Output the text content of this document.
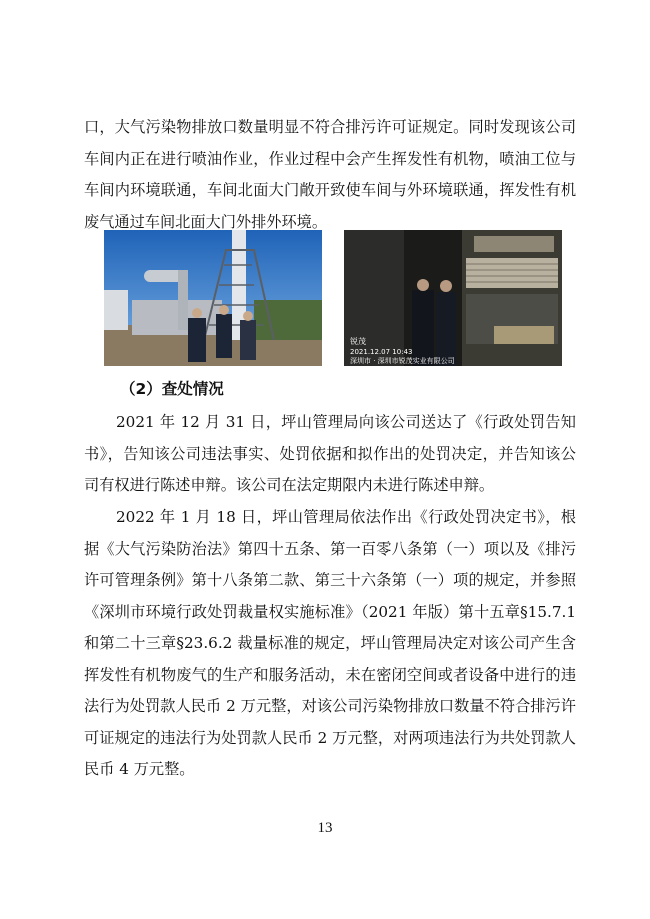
口，大气污染物排放口数量明显不符合排污许可证规定。同时发现该公司车间内正在进行喷油作业，作业过程中会产生挥发性有机物，喷油工位与车间内环境联通，车间北面大门敞开致使车间与外环境联通，挥发性有机废气通过车间北面大门外排外环境。

锐茂
2021.12.07 10:43
深圳市 · 深圳市锐茂实业有限公司
（2）查处情况

2021 年 12 月 31 日，坪山管理局向该公司送达了《行政处罚告知书》，告知该公司违法事实、处罚依据和拟作出的处罚决定，并告知该公司有权进行陈述申辩。该公司在法定期限内未进行陈述申辩。

2022 年 1 月 18 日，坪山管理局依法作出《行政处罚决定书》，根据《大气污染防治法》第四十五条、第一百零八条第（一）项以及《排污许可管理条例》第十八条第二款、第三十六条第（一）项的规定，并参照《深圳市环境行政处罚裁量权实施标准》（2021 年版）第十五章§15.7.1 和第二十三章§23.6.2 裁量标准的规定，坪山管理局决定对该公司产生含挥发性有机物废气的生产和服务活动，未在密闭空间或者设备中进行的违法行为处罚款人民币 2 万元整，对该公司污染物排放口数量不符合排污许可证规定的违法行为处罚款人民币 2 万元整，对两项违法行为共处罚款人民币 4 万元整。

13
